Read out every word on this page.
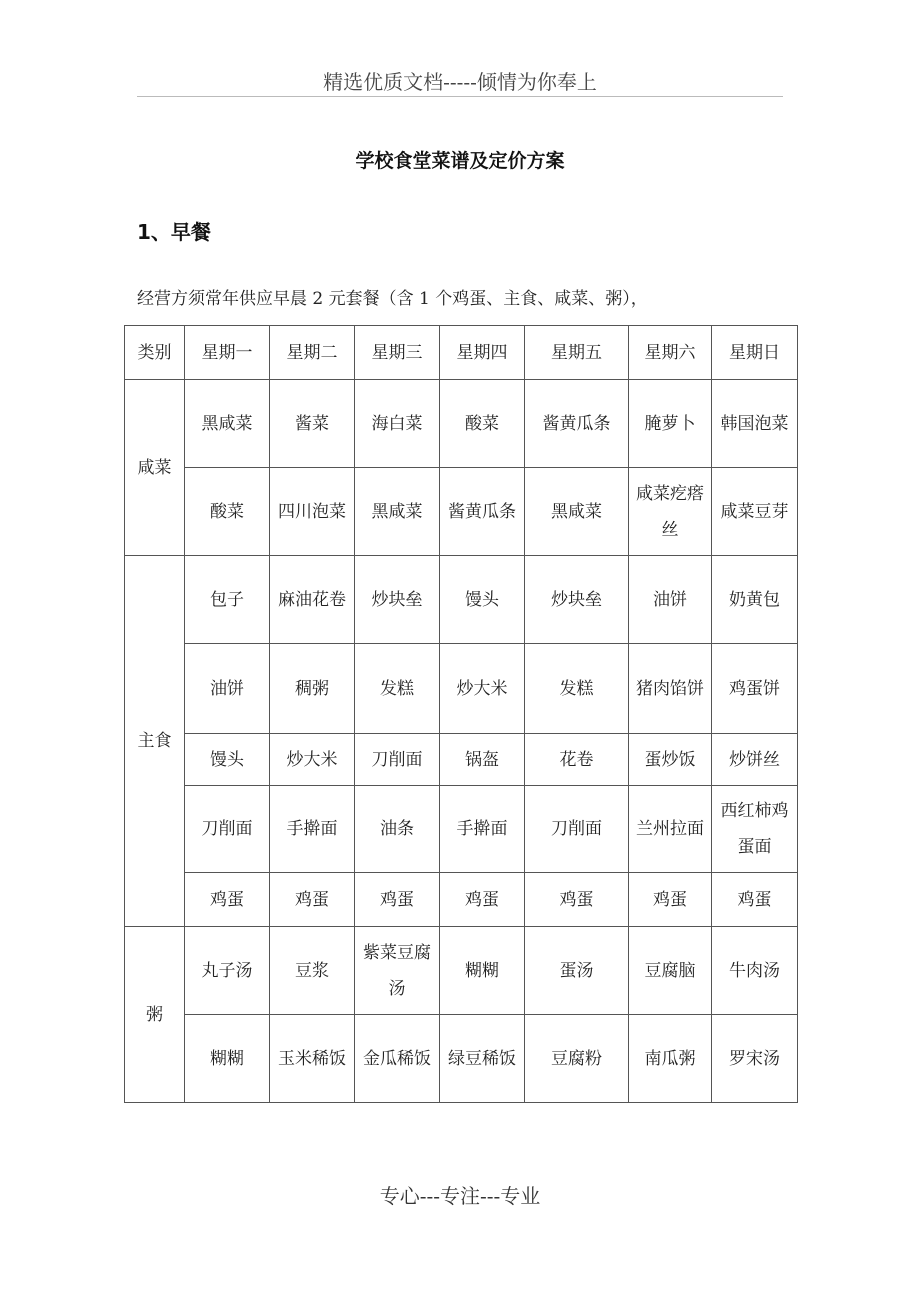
精选优质文档-----倾情为你奉上
学校食堂菜谱及定价方案
1、早餐
经营方须常年供应早晨 2 元套餐（含 1 个鸡蛋、主食、咸菜、粥），
类别	星期一	星期二	星期三	星期四	星期五	星期六	星期日
咸菜	黑咸菜	酱菜	海白菜	酸菜	酱黄瓜条	腌萝卜	韩国泡菜
	酸菜	四川泡菜	黑咸菜	酱黄瓜条	黑咸菜	咸菜疙瘩丝	咸菜豆芽
主食	包子	麻油花卷	炒块垒	馒头	炒块垒	油饼	奶黄包
	油饼	稠粥	发糕	炒大米	发糕	猪肉馅饼	鸡蛋饼
	馒头	炒大米	刀削面	锅盔	花卷	蛋炒饭	炒饼丝
	刀削面	手擀面	油条	手擀面	刀削面	兰州拉面	西红柿鸡蛋面
	鸡蛋	鸡蛋	鸡蛋	鸡蛋	鸡蛋	鸡蛋	鸡蛋
粥	丸子汤	豆浆	紫菜豆腐汤	糊糊	蛋汤	豆腐脑	牛肉汤
	糊糊	玉米稀饭	金瓜稀饭	绿豆稀饭	豆腐粉	南瓜粥	罗宋汤
专心---专注---专业
